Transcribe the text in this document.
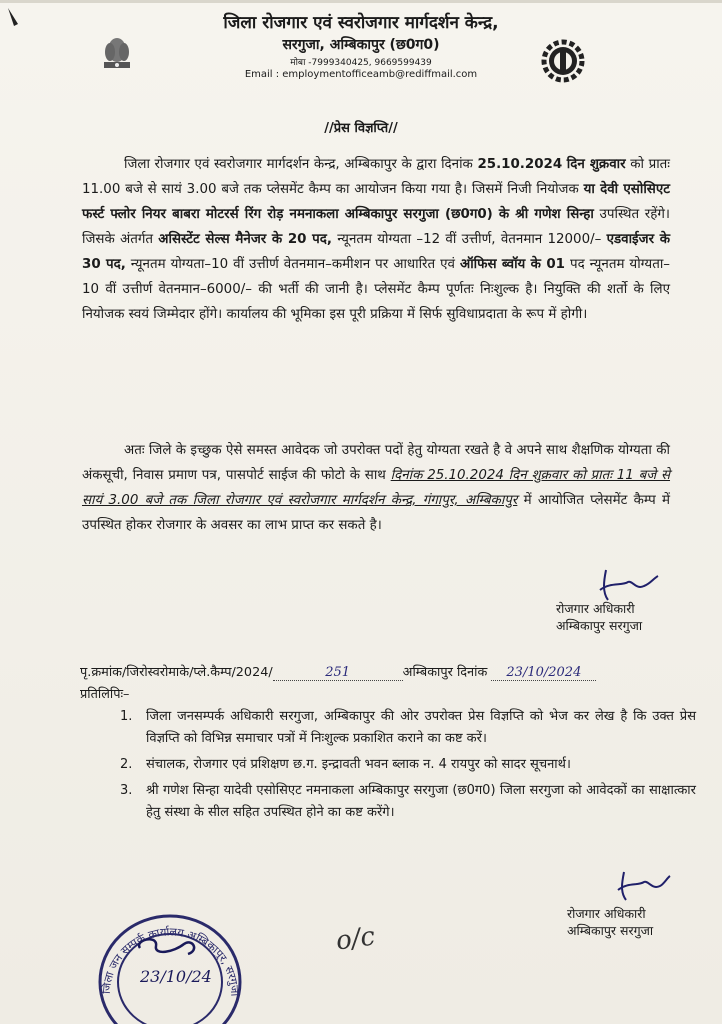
जिला रोजगार एवं स्वरोजगार मार्गदर्शन केन्द्र,
सरगुजा, अम्बिकापुर (छ0ग0)
मोबा -7999340425, 9669599439
Email : employmentofficeamb@rediffmail.com
//प्रेस विज्ञप्ति//
जिला रोजगार एवं स्वरोजगार मार्गदर्शन केन्द्र, अम्बिकापुर के द्वारा दिनांक 25.10.2024 दिन शुक्रवार को प्रातः 11.00 बजे से सायं 3.00 बजे तक प्लेसमेंट कैम्प का आयोजन किया गया है। जिसमें निजी नियोजक या देवी एसोसिएट फर्स्ट फ्लोर नियर बाबरा मोटरर्स रिंग रोड़ नमनाकला अम्बिकापुर सरगुजा (छ0ग0) के श्री गणेश सिन्हा उपस्थित रहेंगे। जिसके अंतर्गत असिस्टेंट सेल्स मैनेजर के 20 पद, न्यूनतम योग्यता –12 वीं उत्तीर्ण, वेतनमान 12000/– एडवाईजर के 30 पद, न्यूनतम योग्यता–10 वीं उत्तीर्ण वेतनमान–कमीशन पर आधारित एवं ऑफिस ब्वॉय के 01 पद न्यूनतम योग्यता–10 वीं उत्तीर्ण वेतनमान–6000/– की भर्ती की जानी है। प्लेसमेंट कैम्प पूर्णतः निःशुल्क है। नियुक्ति की शर्तो के लिए नियोजक स्वयं जिम्मेदार होंगे। कार्यालय की भूमिका इस पूरी प्रक्रिया में सिर्फ सुविधाप्रदाता के रूप में होगी।
अतः जिले के इच्छुक ऐसे समस्त आवेदक जो उपरोक्त पदों हेतु योग्यता रखते है वे अपने साथ शैक्षणिक योग्यता की अंकसूची, निवास प्रमाण पत्र, पासपोर्ट साईज की फोटो के साथ दिनांक 25.10.2024 दिन शुक्रवार को प्रातः 11 बजे से सायं 3.00 बजे तक जिला रोजगार एवं स्वरोजगार मार्गदर्शन केन्द्र, गंगापुर, अम्बिकापुर में आयोजित प्लेसमेंट कैम्प में उपस्थित होकर रोजगार के अवसर का लाभ प्राप्त कर सकते है।
रोजगार अधिकारी
अम्बिकापुर सरगुजा
पृ.क्रमांक/जिरोस्वरोमाके/प्ले.कैम्प/2024/	251	अम्बिकापुर दिनांक 23/10/2024
प्रतिलिपिः–
1. जिला जनसम्पर्क अधिकारी सरगुजा, अम्बिकापुर की ओर उपरोक्त प्रेस विज्ञप्ति को भेज कर लेख है कि उक्त प्रेस विज्ञप्ति को विभिन्न समाचार पत्रों में निःशुल्क प्रकाशित कराने का कष्ट करें।
2. संचालक, रोजगार एवं प्रशिक्षण छ.ग. इन्द्रावती भवन ब्लाक न. 4 रायपुर को सादर सूचनार्थ।
3. श्री गणेश सिन्हा यादेवी एसोसिएट नमनाकला अम्बिकापुर सरगुजा (छ0ग0) जिला सरगुजा को आवेदकों का साक्षात्कार हेतु संस्था के सील सहित उपस्थित होने का कष्ट करेंगे।
रोजगार अधिकारी
अम्बिकापुर सरगुजा
जिला जन सम्पर्क कार्यालय अम्बिकापुर, सरगुजा
23/10/24
o/c
